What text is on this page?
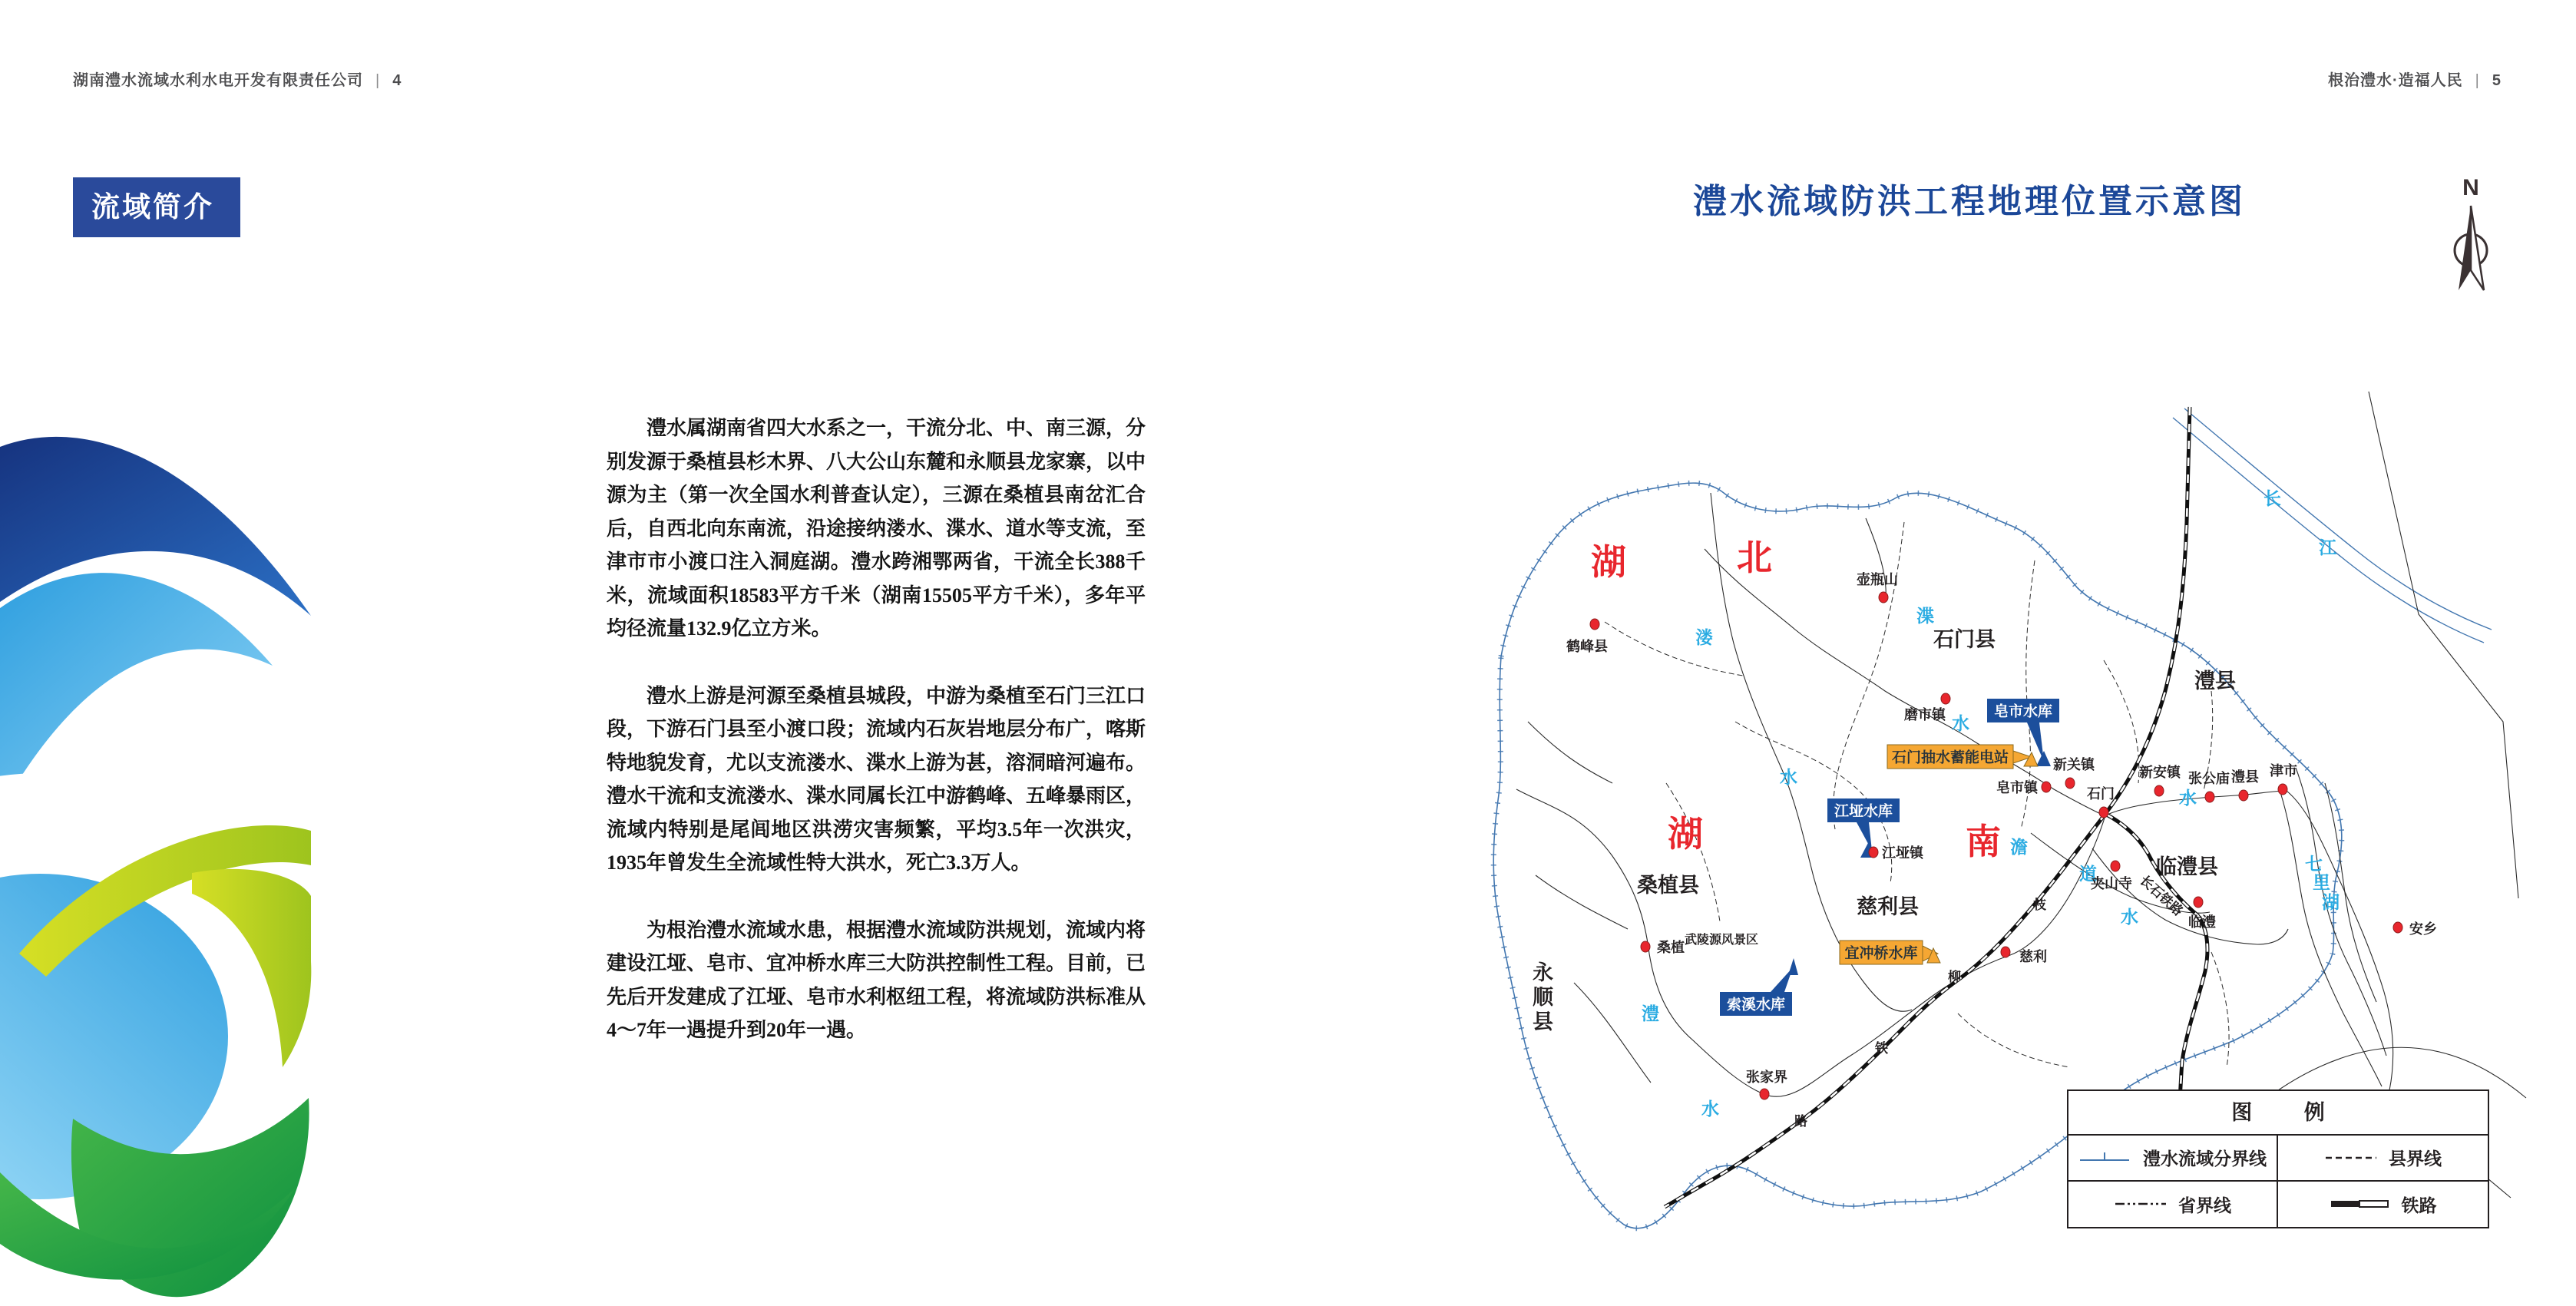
湖南澧水流域水利水电开发有限责任公司 | 4	根治澧水·造福人民 | 5
流域简介

澧水属湖南省四大水系之一，干流分北、中、南三源，分别发源于桑植县杉木界、八大公山东麓和永顺县龙家寨，以中源为主（第一次全国水利普查认定），三源在桑植县南岔汇合后，自西北向东南流，沿途接纳溇水、渫水、道水等支流，至津市市小渡口注入洞庭湖。澧水跨湘鄂两省，干流全长388千米，流域面积18583平方千米（湖南15505平方千米），多年平均径流量132.9亿立方米。

澧水上游是河源至桑植县城段，中游为桑植至石门三江口段，下游石门县至小渡口段；流域内石灰岩地层分布广，喀斯特地貌发育，尤以支流溇水、渫水上游为甚，溶洞暗河遍布。澧水干流和支流溇水、渫水同属长江中游鹤峰、五峰暴雨区，流域内特别是尾闾地区洪涝灾害频繁，平均3.5年一次洪灾，1935年曾发生全流域性特大洪水，死亡3.3万人。

为根治澧水流域水患，根据澧水流域防洪规划，流域内将建设江垭、皂市、宜冲桥水库三大防洪控制性工程。目前，已先后开发建成了江垭、皂市水利枢纽工程，将流域防洪标准从4～7年一遇提升到20年一遇。

澧水流域防洪工程地理位置示意图	N
湖	北
湖	南
石门县
澧县
临澧县
慈利县
桑植县
永
顺
县
溇
渫
水
水
澧
水
澹
道
水
水
长
江
七
里
湖
枝
柳
铁
路
武陵源风景区
长石铁路
鹤峰县
壶瓶山
磨市镇
皂市镇
新关镇
石门
新安镇 张公庙 澧县 津市
夹山寺
临澧
慈利
江垭镇
桑植
张家界
安乡
皂市水库
江垭水库
索溪水库
石门抽水蓄能电站
宜冲桥水库
图 例
澧水流域分界线	县界线
省界线	铁路
